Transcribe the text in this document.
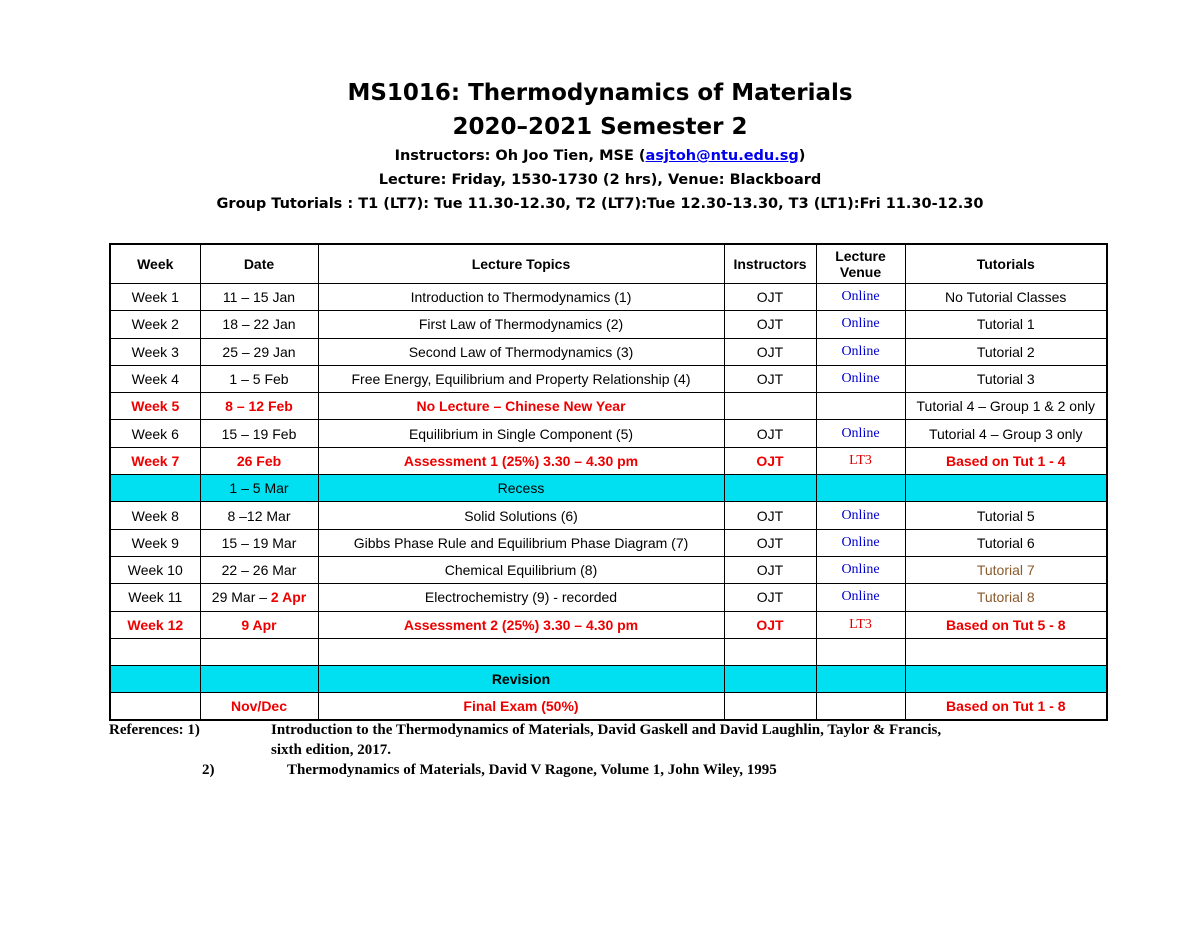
MS1016: Thermodynamics of Materials
2020–2021 Semester 2
Instructors: Oh Joo Tien, MSE (asjtoh@ntu.edu.sg)
Lecture: Friday, 1530-1730 (2 hrs), Venue: Blackboard
Group Tutorials : T1 (LT7): Tue 11.30-12.30, T2 (LT7):Tue 12.30-13.30, T3 (LT1):Fri 11.30-12.30
Week	Date	Lecture Topics	Instructors	Lecture Venue	Tutorials
Week 1	11 – 15 Jan	Introduction to Thermodynamics (1)	OJT	Online	No Tutorial Classes
Week 2	18 – 22 Jan	First Law of Thermodynamics (2)	OJT	Online	Tutorial 1
Week 3	25 – 29 Jan	Second Law of Thermodynamics (3)	OJT	Online	Tutorial 2
Week 4	1 – 5 Feb	Free Energy, Equilibrium and Property Relationship (4)	OJT	Online	Tutorial 3
Week 5	8 – 12 Feb	No Lecture – Chinese New Year			Tutorial 4 – Group 1 & 2 only
Week 6	15 – 19 Feb	Equilibrium in Single Component (5)	OJT	Online	Tutorial 4 – Group 3 only
Week 7	26 Feb	Assessment 1 (25%) 3.30 – 4.30 pm	OJT	LT3	Based on Tut 1 - 4
	1 – 5 Mar	Recess			
Week 8	8 –12 Mar	Solid Solutions (6)	OJT	Online	Tutorial 5
Week 9	15 – 19 Mar	Gibbs Phase Rule and Equilibrium Phase Diagram (7)	OJT	Online	Tutorial 6
Week 10	22 – 26 Mar	Chemical Equilibrium (8)	OJT	Online	Tutorial 7
Week 11	29 Mar – 2 Apr	Electrochemistry (9) - recorded	OJT	Online	Tutorial 8
Week 12	9 Apr	Assessment 2 (25%) 3.30 – 4.30 pm	OJT	LT3	Based on Tut 5 - 8

		Revision			
	Nov/Dec	Final Exam (50%)			Based on Tut 1 - 8
References: 1)	Introduction to the Thermodynamics of Materials, David Gaskell and David Laughlin, Taylor & Francis,
sixth edition, 2017.
2)	Thermodynamics of Materials, David V Ragone, Volume 1, John Wiley, 1995
